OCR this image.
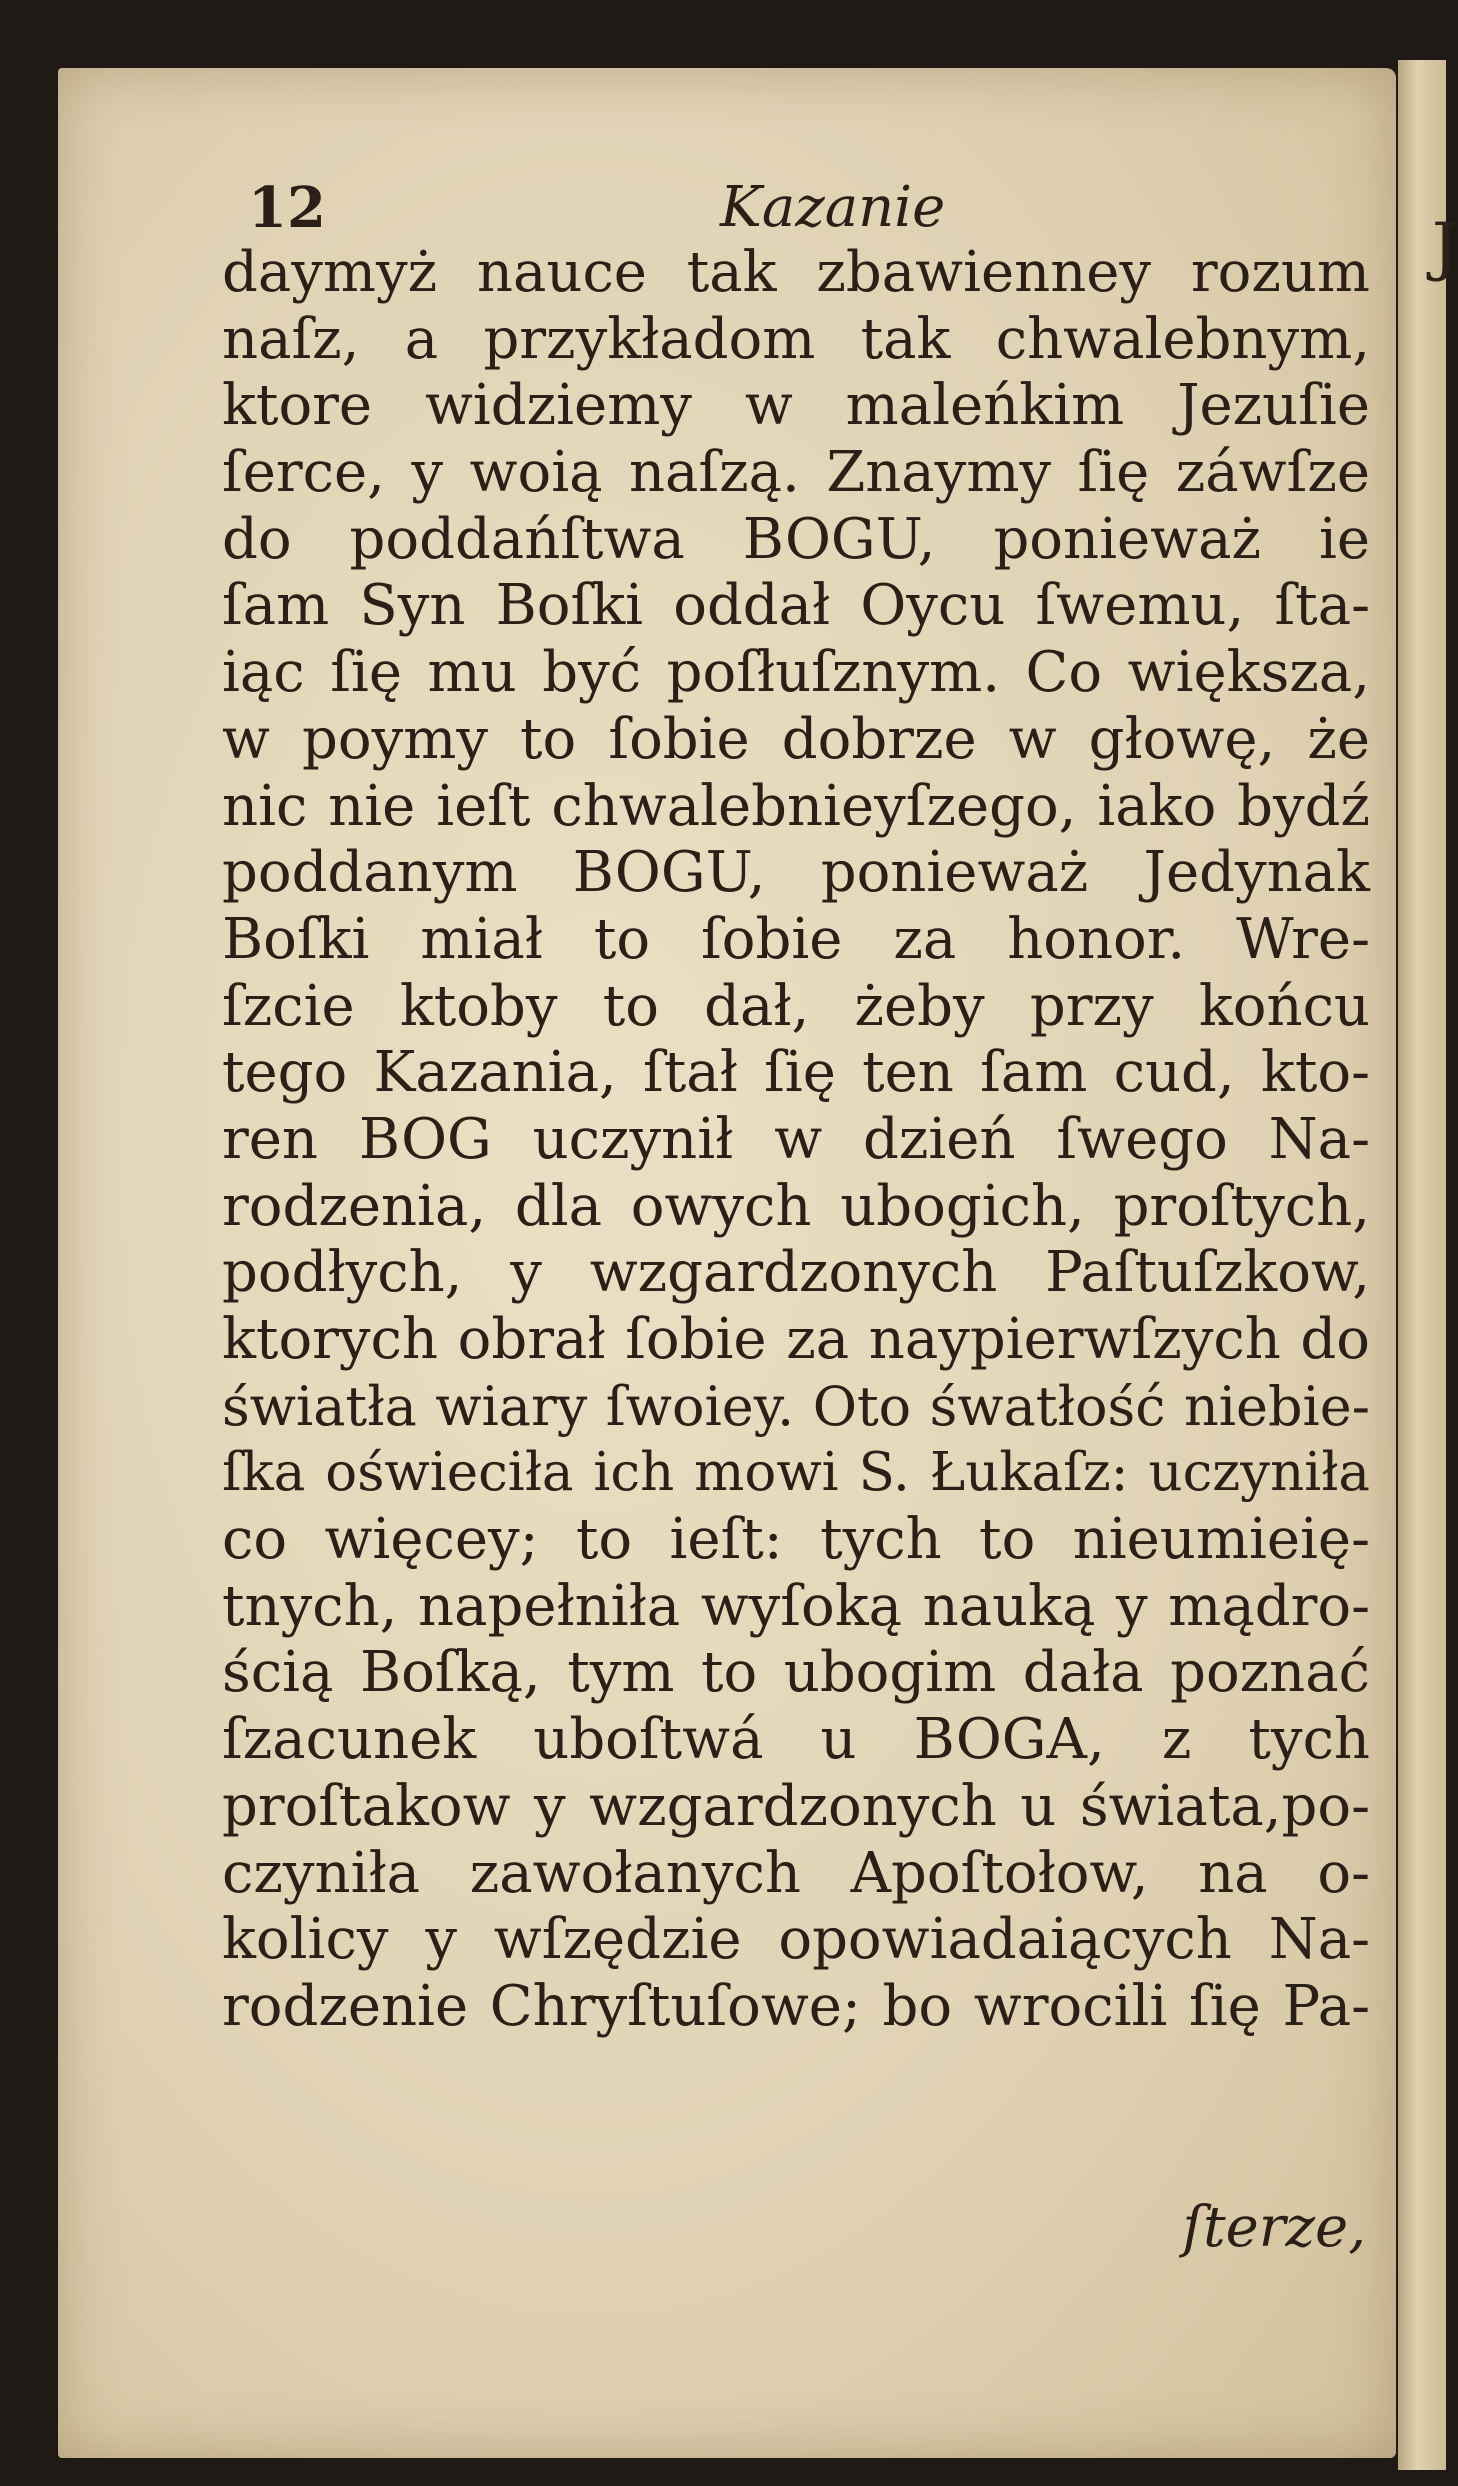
J
12	Kazanie
daymyż nauce tak zbawienney rozum
naſz, a przykładom tak chwalebnym,
ktore widziemy w maleńkim Jezuſie
ſerce, y woią naſzą. Znaymy ſię záwſze
do poddańſtwa BOGU, ponieważ ie
ſam Syn Boſki oddał Oycu ſwemu, ſta-
iąc ſię mu być poſłuſznym. Co większa,
w poymy to ſobie dobrze w głowę, że
nic nie ieſt chwalebnieyſzego, iako bydź
poddanym BOGU, ponieważ Jedynak
Boſki miał to ſobie za honor. Wre-
ſzcie ktoby to dał, żeby przy końcu
tego Kazania, ſtał ſię ten ſam cud, kto-
ren BOG uczynił w dzień ſwego Na-
rodzenia, dla owych ubogich, proſtych,
podłych, y wzgardzonych Paſtuſzkow,
ktorych obrał ſobie za naypierwſzych do
światła wiary ſwoiey. Oto śwatłość niebie-
ſka oświeciła ich mowi S. Łukaſz: uczyniła
co więcey; to ieſt: tych to nieumieię-
tnych, napełniła wyſoką nauką y mądro-
ścią Boſką, tym to ubogim dała poznać
ſzacunek uboſtwá u BOGA, z tych
proſtakow y wzgardzonych u świata,po-
czyniła zawołanych Apoſtołow, na o-
kolicy y wſzędzie opowiadaiących Na-
rodzenie Chryſtuſowe; bo wrocili ſię Pa-
ſterze,
